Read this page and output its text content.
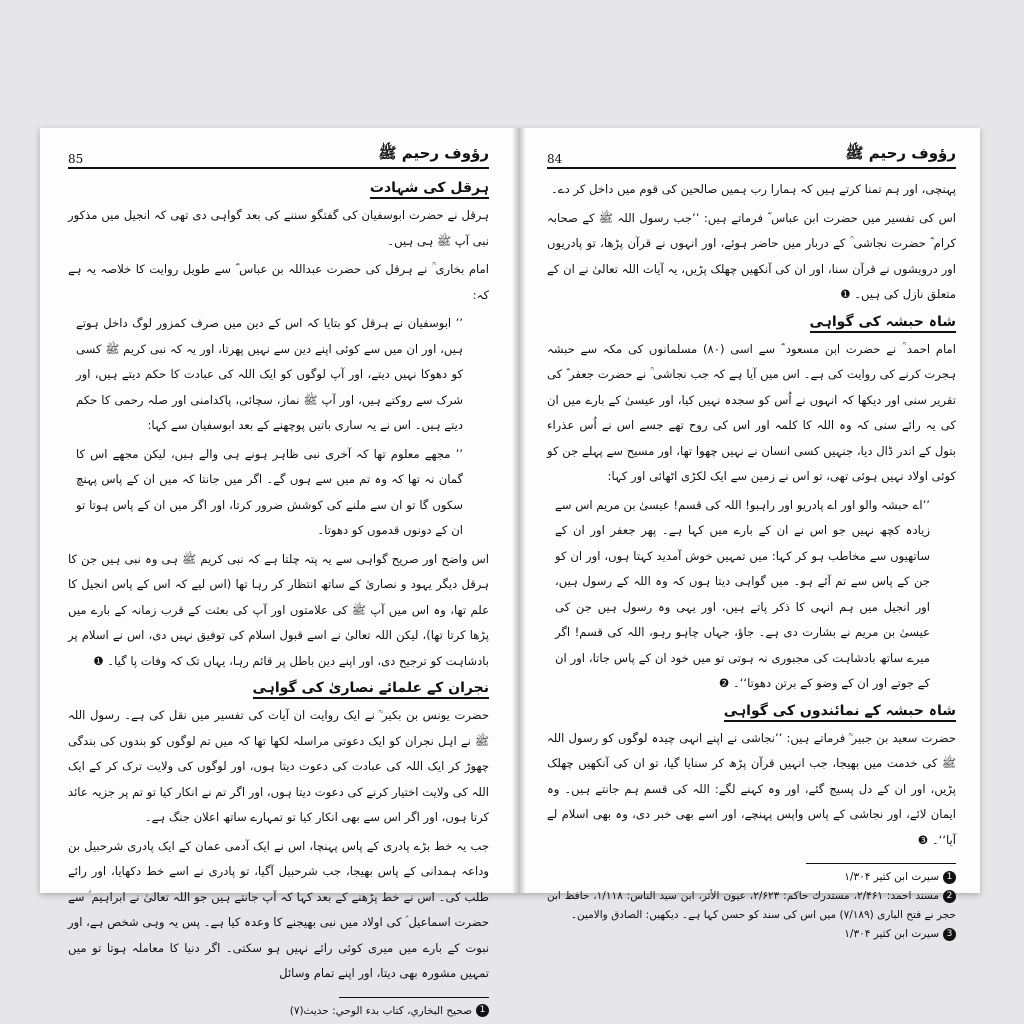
85	رؤوف رحیم ﷺ
ہرقل کی شہادت

ہرقل نے حضرت ابوسفیان کی گفتگو سننے کی بعد گواہی دی تھی کہ انجیل میں مذکور نبی آپ ﷺ ہی ہیں۔

امام بخاری ؒ نے ہرقل کی حضرت عبداللہ بن عباس ؓ سے طویل روایت کا خلاصہ یہ ہے کہ:

’’ ابوسفیان نے ہرقل کو بتایا کہ اس کے دین میں صرف کمزور لوگ داخل ہوتے ہیں، اور ان میں سے کوئی اپنے دین سے نہیں پھرتا، اور یہ کہ نبی کریم ﷺ کسی کو دھوکا نہیں دیتے، اور آپ لوگوں کو ایک اللہ کی عبادت کا حکم دیتے ہیں، اور شرک سے روکتے ہیں، اور آپ ﷺ نماز، سچائی، پاکدامنی اور صلہ رحمی کا حکم دیتے ہیں۔ اس نے یہ ساری باتیں پوچھنے کے بعد ابوسفیان سے کہا:

’’ مجھے معلوم تھا کہ آخری نبی ظاہر ہونے ہی والے ہیں، لیکن مجھے اس کا گمان نہ تھا کہ وہ تم میں سے ہوں گے۔ اگر میں جانتا کہ میں ان کے پاس پہنچ سکوں گا تو ان سے ملنے کی کوشش ضرور کرتا، اور اگر میں ان کے پاس ہوتا تو ان کے دونوں قدموں کو دھوتا۔

اس واضح اور صریح گواہی سے یہ پتہ چلتا ہے کہ نبی کریم ﷺ ہی وہ نبی ہیں جن کا ہرقل دیگر یہود و نصاریٰ کے ساتھ انتظار کر رہا تھا (اس لیے کہ اس کے پاس انجیل کا علم تھا، وہ اس میں آپ ﷺ کی علامتوں اور آپ کی بعثت کے قرب زمانہ کے بارے میں پڑھا کرتا تھا)، لیکن اللہ تعالیٰ نے اسے قبول اسلام کی توفیق نہیں دی، اس نے اسلام پر بادشاہت کو ترجیح دی، اور اپنے دین باطل پر قائم رہا، یہاں تک کہ وفات پا گیا۔ ❶

نجران کے علمائے نصاریٰ کی گواہی

حضرت یونس بن بکیر ؒ نے ایک روایت ان آیات کی تفسیر میں نقل کی ہے۔ رسول اللہ ﷺ نے اہل نجران کو ایک دعوتی مراسلہ لکھا تھا کہ میں تم لوگوں کو بندوں کی بندگی چھوڑ کر ایک اللہ کی عبادت کی دعوت دیتا ہوں، اور لوگوں کی ولایت ترک کر کے ایک اللہ کی ولایت اختیار کرنے کی دعوت دیتا ہوں، اور اگر تم نے انکار کیا تو تم پر جزیہ عائد کرتا ہوں، اور اگر اس سے بھی انکار کیا تو تمہارے ساتھ اعلان جنگ ہے۔

جب یہ خط بڑے پادری کے پاس پہنچا، اس نے ایک آدمی عمان کے ایک پادری شرحبیل بن وداعہ ہمدانی کے پاس بھیجا، جب شرحبیل آگیا، تو پادری نے اسے خط دکھایا، اور رائے طلب کی۔ اس نے خط پڑھنے کے بعد کہا کہ آپ جانتے ہیں جو اللہ تعالیٰ نے ابراہیم ؑ سے حضرت اسماعیل ؑ کی اولاد میں نبی بھیجنے کا وعدہ کیا ہے۔ پس یہ وہی شخص ہے، اور نبوت کے بارے میں میری کوئی رائے نہیں ہو سکتی۔ اگر دنیا کا معاملہ ہوتا تو میں تمہیں مشورہ بھی دیتا، اور اپنے تمام وسائل

1صحیح البخاري، کتاب بدء الوحي: حدیث(۷)

84	رؤوف رحیم ﷺ

پہنچی، اور ہم تمنا کرتے ہیں کہ ہمارا رب ہمیں صالحین کی قوم میں داخل کر دے۔

اس کی تفسیر میں حضرت ابن عباس ؓ فرماتے ہیں: ’’جب رسول اللہ ﷺ کے صحابہ کرام ؓ حضرت نجاشی ؒ کے دربار میں حاضر ہوئے، اور انہوں نے قرآن پڑھا، تو پادریوں اور درویشوں نے قرآن سنا، اور ان کی آنکھیں چھلک پڑیں، یہ آیات اللہ تعالیٰ نے ان کے متعلق نازل کی ہیں۔ ❶

شاہ حبشہ کی گواہی

امام احمد ؒ نے حضرت ابن مسعود ؓ سے اسی (۸۰) مسلمانوں کی مکہ سے حبشہ ہجرت کرنے کی روایت کی ہے۔ اس میں آیا ہے کہ جب نجاشی ؒ نے حضرت جعفر ؓ کی تقریر سنی اور دیکھا کہ انہوں نے اُس کو سجدہ نہیں کیا، اور عیسیٰ کے بارے میں ان کی یہ رائے سنی کہ وہ اللہ کا کلمہ اور اس کی روح تھے جسے اس نے اُس عذراء بتول کے اندر ڈال دیا، جنہیں کسی انسان نے نہیں چھوا تھا، اور مسیح سے پہلے جن کو کوئی اولاد نہیں ہوئی تھی، تو اس نے زمین سے ایک لکڑی اٹھائی اور کہا:

’’اے حبشہ والو اور اے پادریو اور راہبو! اللہ کی قسم! عیسیٰ بن مریم اس سے زیادہ کچھ نہیں جو اس نے ان کے بارے میں کہا ہے۔ پھر جعفر اور ان کے ساتھیوں سے مخاطب ہو کر کہا: میں تمہیں خوش آمدید کہتا ہوں، اور ان کو جن کے پاس سے تم آئے ہو۔ میں گواہی دیتا ہوں کہ وہ اللہ کے رسول ہیں، اور انجیل میں ہم انہی کا ذکر پاتے ہیں، اور یہی وہ رسول ہیں جن کی عیسیٰ بن مریم نے بشارت دی ہے۔ جاؤ، جہاں چاہو رہو، اللہ کی قسم! اگر میرے ساتھ بادشاہت کی مجبوری نہ ہوتی تو میں خود ان کے پاس جاتا، اور ان کے جوتے اور ان کے وضو کے برتن دھوتا‘‘۔ ❷

شاہ حبشہ کے نمائندوں کی گواہی

حضرت سعید بن جبیر ؒ فرماتے ہیں: ’’نجاشی نے اپنے انہی چیدہ لوگوں کو رسول اللہ ﷺ کی خدمت میں بھیجا، جب انہیں قرآن پڑھ کر سنایا گیا، تو ان کی آنکھیں چھلک پڑیں، اور ان کے دل پسیج گئے، اور وہ کہنے لگے: اللہ کی قسم ہم جانتے ہیں۔ وہ ایمان لائے، اور نجاشی کے پاس واپس پہنچے، اور اسے بھی خبر دی، وہ بھی اسلام لے آیا‘‘۔ ❸

1سیرت ابن کثیر ۱/۳۰۴

2مسند احمد: ۲/۴۶۱، مستدرك حاكم: ۲/۶۲۳، عیون الأثر، ابن سید الناس: ۱/۱۱۸، حافظ ابن حجر نے فتح الباری (۷/۱۸۹) میں اس کی سند کو حسن کہا ہے۔ دیکھیں: الصادق والامین۔

3سیرت ابن کثیر ۱/۳۰۴
